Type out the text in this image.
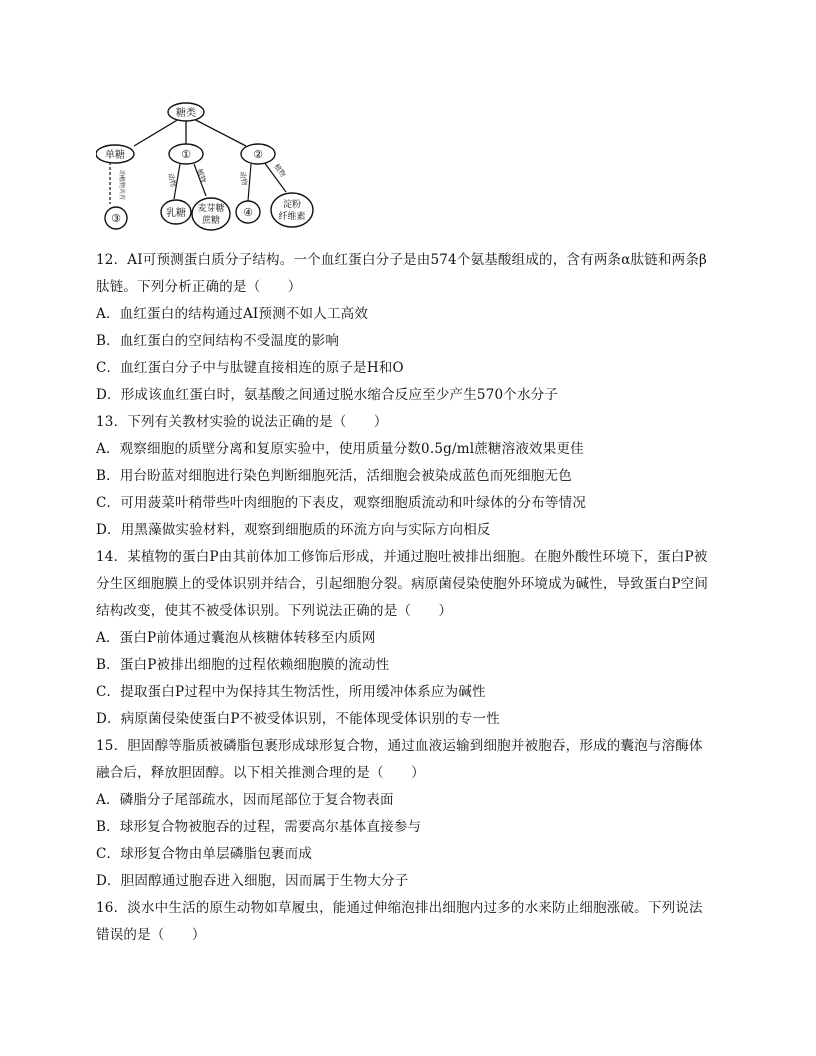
糖类
单糖	①	②
③	乳糖 麦芽糖
蔗糖
④
淀粉
纤维素
动植物共有	动物	植物	动物	植物
12．AI可预测蛋白质分子结构。一个血红蛋白分子是由574个氨基酸组成的，含有两条α肽链和两条β
肽链。下列分析正确的是（　　）
A．血红蛋白的结构通过AI预测不如人工高效
B．血红蛋白的空间结构不受温度的影响
C．血红蛋白分子中与肽键直接相连的原子是H和O
D．形成该血红蛋白时，氨基酸之间通过脱水缩合反应至少产生570个水分子
13．下列有关教材实验的说法正确的是（　　）
A．观察细胞的质壁分离和复原实验中，使用质量分数0.5g/ml蔗糖溶液效果更佳
B．用台盼蓝对细胞进行染色判断细胞死活，活细胞会被染成蓝色而死细胞无色
C．可用菠菜叶稍带些叶肉细胞的下表皮，观察细胞质流动和叶绿体的分布等情况
D．用黑藻做实验材料，观察到细胞质的环流方向与实际方向相反
14．某植物的蛋白P由其前体加工修饰后形成，并通过胞吐被排出细胞。在胞外酸性环境下，蛋白P被
分生区细胞膜上的受体识别并结合，引起细胞分裂。病原菌侵染使胞外环境成为碱性，导致蛋白P空间
结构改变，使其不被受体识别。下列说法正确的是（　　）
A．蛋白P前体通过囊泡从核糖体转移至内质网
B．蛋白P被排出细胞的过程依赖细胞膜的流动性
C．提取蛋白P过程中为保持其生物活性，所用缓冲体系应为碱性
D．病原菌侵染使蛋白P不被受体识别，不能体现受体识别的专一性
15．胆固醇等脂质被磷脂包裹形成球形复合物，通过血液运输到细胞并被胞吞，形成的囊泡与溶酶体
融合后，释放胆固醇。以下相关推测合理的是（　　）
A．磷脂分子尾部疏水，因而尾部位于复合物表面
B．球形复合物被胞吞的过程，需要高尔基体直接参与
C．球形复合物由单层磷脂包裹而成
D．胆固醇通过胞吞进入细胞，因而属于生物大分子
16．淡水中生活的原生动物如草履虫，能通过伸缩泡排出细胞内过多的水来防止细胞涨破。下列说法
错误的是（　　）
